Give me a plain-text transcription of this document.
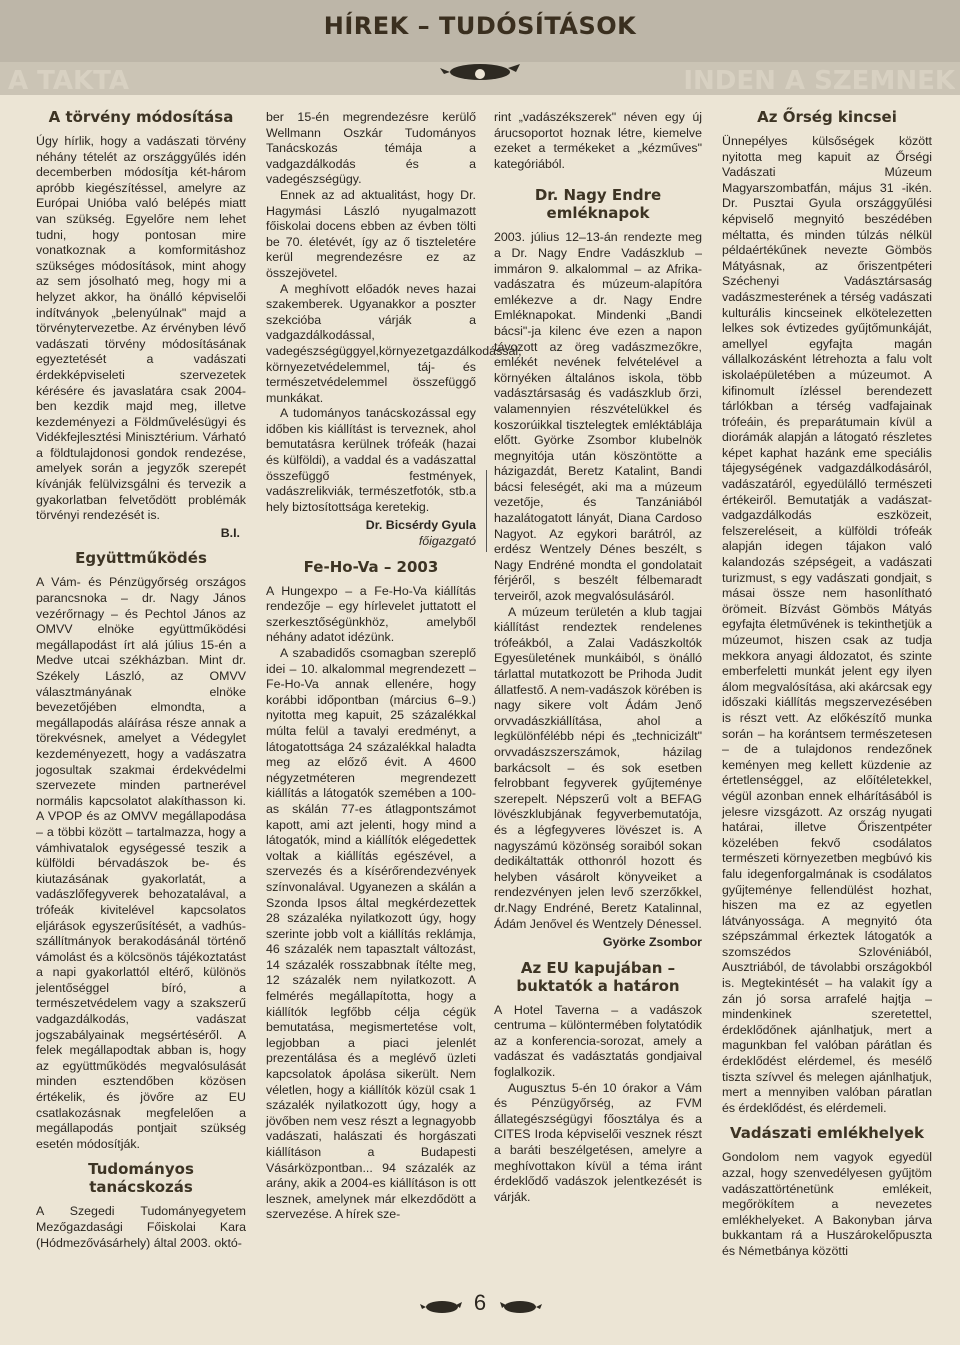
A TAKTA	INDEN A SZEMNEK
HÍREK – TUDÓSÍTÁSOK
A törvény módosítása

Úgy hírlik, hogy a vadászati törvény néhány tételét az országgyűlés idén decemberben módosítja két-három apróbb kiegészítéssel, amelyre az Európai Unióba való belépés miatt van szükség. Egyelőre nem lehet tudni, hogy pontosan mire vonatkoznak a komformitáshoz szükséges módosítások, mint ahogy az sem jósolható meg, hogy mi a helyzet akkor, ha önálló képviselői indítványok „belenyúlnak" majd a törvénytervezetbe. Az érvényben lévő vadászati törvény módosításának egyeztetését a vadászati érdekképviseleti szervezetek kérésére és javaslatára csak 2004-ben kezdik majd meg, illetve kezdeményezi a Földművelésügyi és Vidékfejlesztési Minisztérium. Várható a földtulajdonosi gondok rendezése, amelyek során a jegyzők szerepét kívánják felülvizsgálni és tervezik a gyakorlatban felvetődött problémák törvényi rendezését is.

B.I.
Együttműködés

A Vám- és Pénzügyőrség országos parancsnoka – dr. Nagy János vezérőrnagy – és Pechtol János az OMVV elnöke együttműködési megállapodást írt alá július 15-én a Medve utcai székházban. Mint dr. Székely László, az OMVV választmányának elnöke bevezetőjében elmondta, a megállapodás aláírása része annak a törekvésnek, amelyet a Védegylet kezdeményezett, hogy a vadászatra jogosultak szakmai érdekvédelmi szervezete minden partnerével normális kapcsolatot alakíthasson ki. A VPOP és az OMVV megállapodása – a többi között – tartalmazza, hogy a vámhivatalok egységessé teszik a külföldi bérvadászok be- és kiutazásának gyakorlatát, a vadászlőfegyverek behozatalával, a trófeák kivitelével kapcsolatos eljárások egyszerűsítését, a vadhús-szállítmányok berakodásánál történő vámolást és a kölcsönös tájékoztatást a napi gyakorlattól eltérő, különös jelentőséggel bíró, a természetvédelem vagy a szakszerű vadgazdálkodás, vadászat jogszabályainak megsértéséről. A felek megállapodtak abban is, hogy az együttműködés megvalósulását minden esztendőben közösen értékelik, és jövőre az EU csatlakozásnak megfelelően a megállapodás pontjait szükség esetén módosítják.

Tudományos tanácskozás

A Szegedi Tudományegyetem Mezőgazdasági Főiskolai Kara (Hódmezővásárhely) által 2003. októ-

ber 15-én megrendezésre kerülő Wellmann Oszkár Tudományos Tanácskozás témája a vadgazdálkodás és a vadegészségügy.

Ennek az ad aktualitást, hogy Dr. Hagymási László nyugalmazott főiskolai docens ebben az évben tölti be 70. életévét, így az ő tiszteletére kerül megrendezésre ez az összejövetel.

A meghívott előadók neves hazai szakemberek. Ugyanakkor a poszter szekcióba várják a vadgazdálkodással, vadegészségüggyel,környezetgazdálkodással, környezetvédelemmel, táj- és természetvédelemmel összefüggő munkákat.

A tudományos tanácskozással egy időben kis kiállítást is terveznek, ahol bemutatásra kerülnek trófeák (hazai és külföldi), a vaddal és a vadászattal összefüggő festmények, vadászrelikviák, természetfotók, stb.a hely biztosítottsága keretekig.

Dr. Bicsérdy Gyula
főigazgató
Fe-Ho-Va – 2003

A Hungexpo – a Fe-Ho-Va kiállítás rendezője – egy hírlevelet juttatott el szerkesztőségünkhöz, amelyből néhány adatot idézünk.

A szabadidős csomagban szereplő idei – 10. alkalommal megrendezett – Fe-Ho-Va annak ellenére, hogy korábbi időpontban (március 6–9.) nyitotta meg kapuit, 25 százalékkal múlta felül a tavalyi eredményt, a látogatottsága 24 százalékkal haladta meg az előző évit. A 4600 négyzetméteren megrendezett kiállítás a látogatók szemében a 100-as skálán 77-es átlagpontszámot kapott, ami azt jelenti, hogy mind a látogatók, mind a kiállítók elégedettek voltak a kiállítás egészével, a szervezés és a kísérőrendezvények színvonalával. Ugyanezen a skálán a Szonda Ipsos által megkérdezettek 28 százaléka nyilatkozott úgy, hogy szerinte jobb volt a kiállítás reklámja, 46 százalék nem tapasztalt változást, 14 százalék rosszabbnak ítélte meg, 12 százalék nem nyilatkozott. A felmérés megállapította, hogy a kiállítók legfőbb célja cégük bemutatása, megismertetése volt, legjobban a piaci jelenlét prezentálása és a meglévő üzleti kapcsolatok ápolása sikerült. Nem véletlen, hogy a kiállítók közül csak 1 százalék nyilatkozott úgy, hogy a jövőben nem vesz részt a legnagyobb vadászati, halászati és horgászati kiállításon a Budapesti Vásárközpontban... 94 százalék az arány, akik a 2004-es kiállításon is ott lesznek, amelynek már elkezdődött a szervezése. A hírek sze-

rint „vadászékszerek" néven egy új árucsoportot hoznak létre, kiemelve ezeket a termékeket a „kézműves" kategóriából.

Dr. Nagy Endre emléknapok

2003. július 12–13-án rendezte meg a Dr. Nagy Endre Vadászklub – immáron 9. alkalommal – az Afrika-vadászatra és múzeum-alapítóra emlékezve a dr. Nagy Endre Emléknapokat. Mindenki „Bandi bácsi"-ja kilenc éve ezen a napon távozott az öreg vadászmezőkre, emlékét nevének felvételével a környéken általános iskola, több vadásztársaság és vadászklub őrzi, valamennyien részvételükkel és koszorúikkal tisztelegtek emléktáblája előtt. Györke Zsombor klubelnök megnyitója után köszöntötte a házigazdát, Beretz Katalint, Bandi bácsi feleségét, aki ma a múzeum vezetője, és Tanzániából hazalátogatott lányát, Diana Cardoso Nagyot. Az egykori barátról, az erdész Wentzely Dénes beszélt, s Nagy Endréné mondta el gondolatait férjéről, s beszélt félbemaradt terveiről, azok megvalósulásáról.

A múzeum területén a klub tagjai kiállítást rendeztek rendelenes trófeákból, a Zalai Vadászkoltók Egyesületének munkáiból, s önálló tárlattal mutatkozott be Prihoda Judit állatfestő. A nem-vadászok körében is nagy sikere volt Ádám Jenő orvvadászkiállítása, ahol a legkülönfélébb népi és „technicizált" orvvadászszerszámok, házilag barkácsolt – és sok esetben felrobbant fegyverek gyűjteménye szerepelt. Népszerű volt a BEFAG lövészklubjának fegyverbemutatója, és a légfegyveres lövészet is. A nagyszámú közönség soraiból sokan dedikáltatták otthonról hozott és helyben vásárolt könyveiket a rendezvényen jelen levő szerzőkkel, dr.Nagy Endréné, Beretz Katalinnal, Ádám Jenővel és Wentzely Dénessel.

Györke Zsombor
Az EU kapujában – buktatók a határon

A Hotel Taverna – a vadászok centruma – különtermében folytatódik az a konferencia-sorozat, amely a vadászat és vadásztatás gondjaival foglalkozik.

Augusztus 5-én 10 órakor a Vám és Pénzügyőrség, az FVM állategészségügyi főosztálya és a CITES Iroda képviselői vesznek részt a baráti beszélgetésen, amelyre a meghívottakon kívül a téma iránt érdeklődő vadászok jelentkezését is várják.

Az Őrség kincsei

Ünnepélyes külsőségek között nyitotta meg kapuit az Őrségi Vadászati Múzeum Magyarszombatfán, május 31 -ikén. Dr. Pusztai Gyula országgyűlési képviselő megnyitó beszédében méltatta, és minden túlzás nélkül példaértékűnek nevezte Gömbös Mátyásnak, az őriszentpéteri Széchenyi Vadásztársaság vadászmesterének a térség vadászati kulturális kincseinek elkötelezetten lelkes sok évtizedes gyűjtőmunkáját, amellyel egyfajta magán vállalkozásként létrehozta a falu volt iskolaépületében a múzeumot. A kifinomult ízléssel berendezett tárlókban a térség vadfajainak trófeáin, és preparátumain kívül a diorámák alapján a látogató részletes képet kaphat hazánk eme speciális tájegységének vadgazdálkodásáról, vadászatáról, egyedülálló természeti értékeiről. Bemutatják a vadászat-vadgazdálkodás eszközeit, felszereléseit, a külföldi trófeák alapján idegen tájakon való kalandozás szépségeit, a vadászati turizmust, s egy vadászati gondjait, s másai össze nem hasonlítható örömeit. Bízvást Gömbös Mátyás egyfajta életművének is tekinthetjük a múzeumot, hiszen csak az tudja mekkora anyagi áldozatot, és szinte emberfeletti munkát jelent egy ilyen álom megvalósítása, aki akárcsak egy időszaki kiállítás megszervezésében is részt vett. Az előkészítő munka során – ha korántsem természetesen – de a tulajdonos rendezőnek keményen meg kellett küzdenie az értetlenséggel, az előítéletekkel, végül azonban ennek elhárításából is jelesre vizsgázott. Az ország nyugati határai, illetve Őriszentpéter közelében fekvő csodálatos természeti környezetben megbúvó kis falu idegenforgalmának is csodálatos gyűjteménye fellendülést hozhat, hiszen ma ez az egyetlen látványossága. A megnyitó óta szépszámmal érkeztek látogatók a szomszédos Szlovéniából, Ausztriából, de távolabbi országokból is. Megtekintését – ha valakit így a zán jó sorsa arrafelé hajtja – mindenkinek szeretettel, érdeklődőnek ajánlhatjuk, mert a magunkban fel valóban párátlan és érdeklődést elérdemel, és mesélő tiszta szívvel és melegen ajánlhatjuk, mert a mennyiben valóban páratlan és érdeklődést, és elérdemeli.

Vadászati emlékhelyek

Gondolom nem vagyok egyedül azzal, hogy szenvedélyesen gyűjtöm vadászattörténetünk emlékeit, megőrökítem a nevezetes emlékhelyeket. A Bakonyban járva bukkantam rá a Huszárokelőpuszta és Németbánya közötti

6
